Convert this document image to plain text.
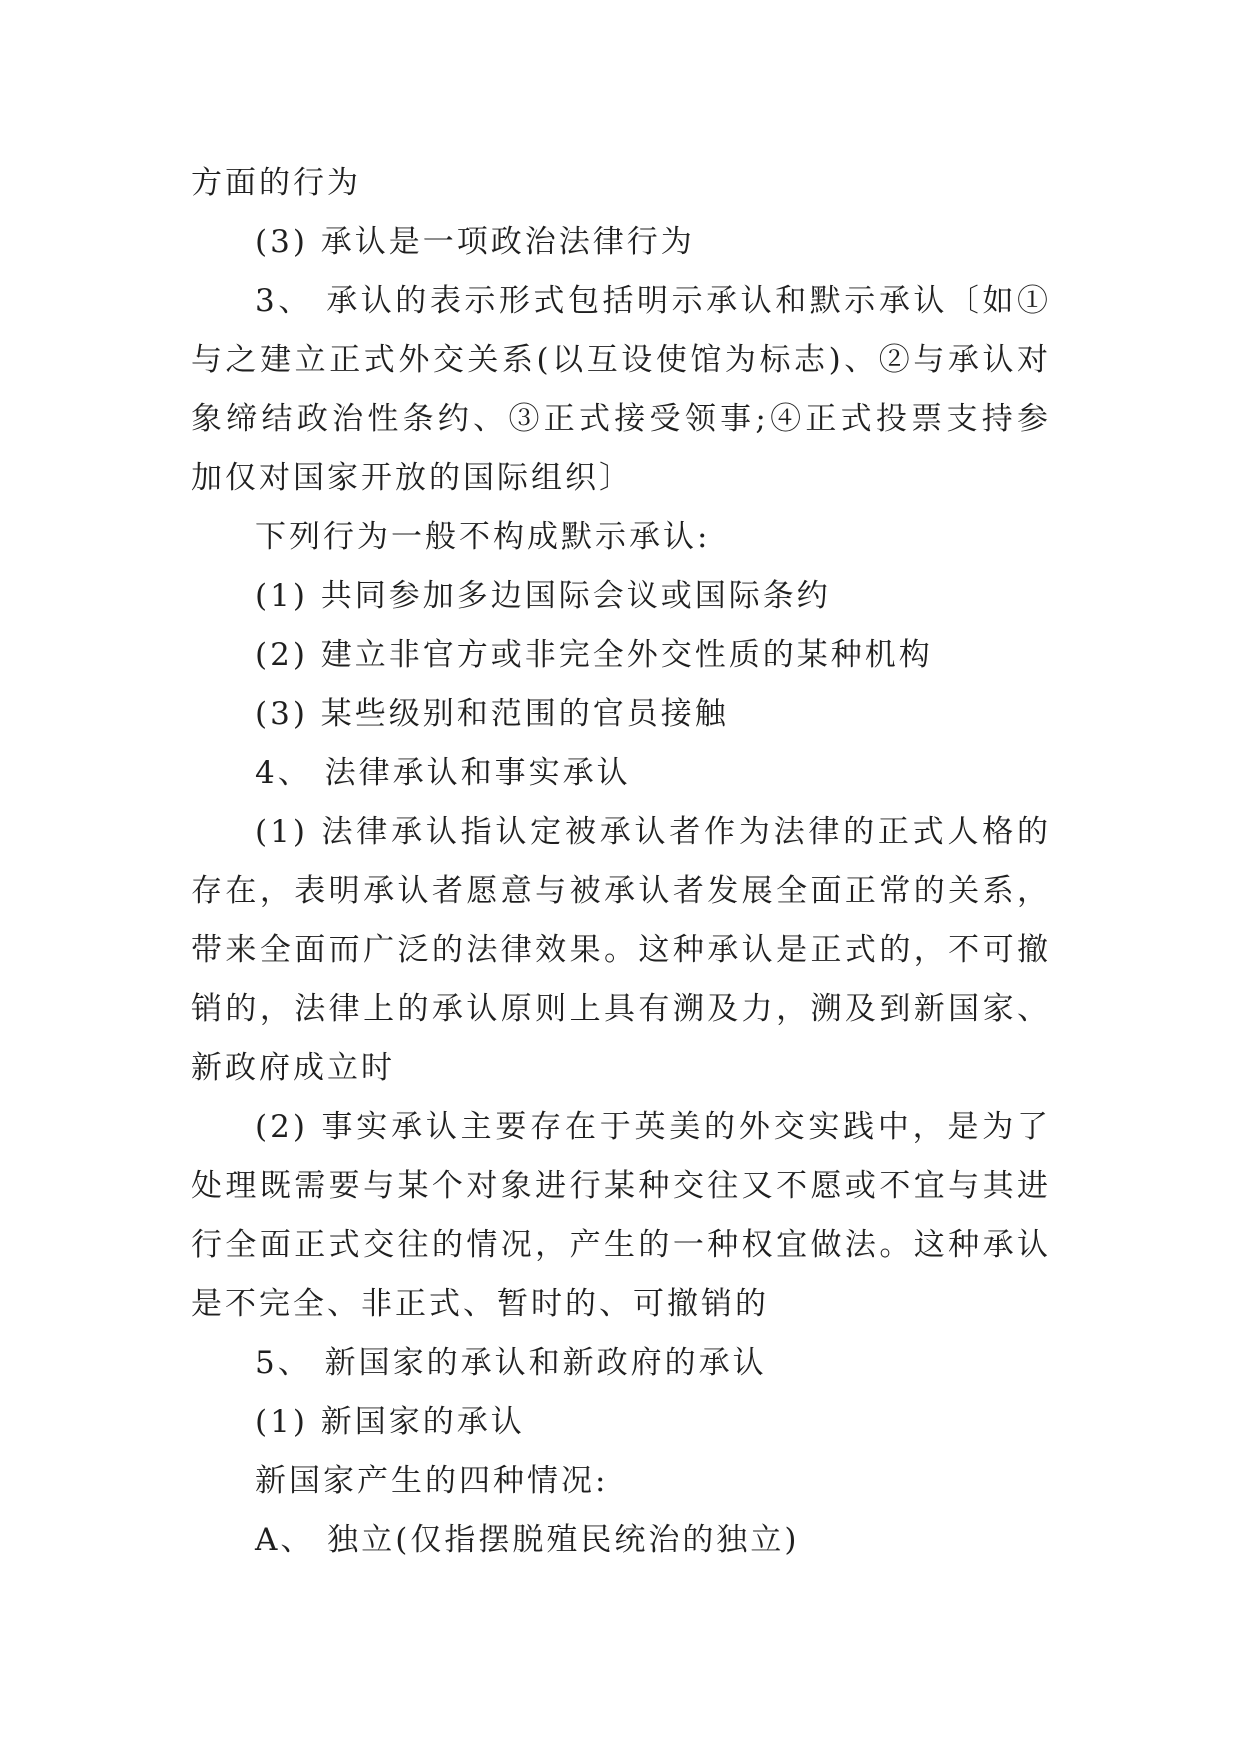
方面的行为

(3) 承认是一项政治法律行为

3、 承认的表示形式包括明示承认和默示承认〔如①与之建立正式外交关系(以互设使馆为标志)、②与承认对象缔结政治性条约、③正式接受领事;④正式投票支持参加仅对国家开放的国际组织〕

下列行为一般不构成默示承认:

(1) 共同参加多边国际会议或国际条约

(2) 建立非官方或非完全外交性质的某种机构

(3) 某些级别和范围的官员接触

4、 法律承认和事实承认

(1) 法律承认指认定被承认者作为法律的正式人格的存在，表明承认者愿意与被承认者发展全面正常的关系，带来全面而广泛的法律效果。这种承认是正式的，不可撤销的，法律上的承认原则上具有溯及力，溯及到新国家、新政府成立时

(2) 事实承认主要存在于英美的外交实践中，是为了处理既需要与某个对象进行某种交往又不愿或不宜与其进行全面正式交往的情况，产生的一种权宜做法。这种承认是不完全、非正式、暂时的、可撤销的

5、 新国家的承认和新政府的承认

(1) 新国家的承认

新国家产生的四种情况:

A、 独立(仅指摆脱殖民统治的独立)
